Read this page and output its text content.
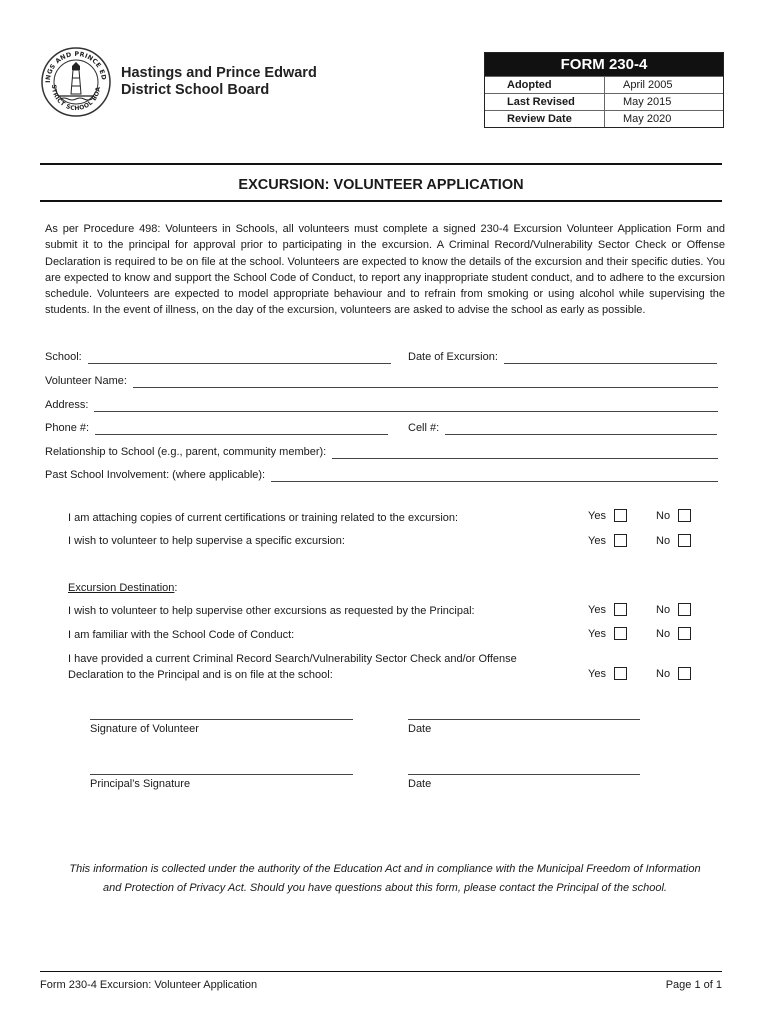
INGS AND PRINCE ED
STRICT SCHOOL BOA
Hastings and Prince Edward
District School Board
FORM 230-4
Adopted	April 2005
Last Revised	May 2015
Review Date	May 2020
EXCURSION: VOLUNTEER APPLICATION
As per Procedure 498: Volunteers in Schools, all volunteers must complete a signed 230-4 Excursion Volunteer Application Form and submit it to the principal for approval prior to participating in the excursion. A Criminal Record/Vulnerability Sector Check or Offense Declaration is required to be on file at the school. Volunteers are expected to know the details of the excursion and their specific duties. You are expected to know and support the School Code of Conduct, to report any inappropriate student conduct, and to adhere to the excursion schedule. Volunteers are expected to model appropriate behaviour and to refrain from smoking or using alcohol while supervising the students. In the event of illness, on the day of the excursion, volunteers are asked to advise the school as early as possible.
School:	Date of Excursion:
Volunteer Name:
Address:
Phone #:	Cell #:
Relationship to School (e.g., parent, community member):
Past School Involvement: (where applicable):
I am attaching copies of current certifications or training related to the excursion:	Yes	No
I wish to volunteer to help supervise a specific excursion:	Yes	No
Excursion Destination:
I wish to volunteer to help supervise other excursions as requested by the Principal:	Yes	No
I am familiar with the School Code of Conduct:	Yes	No
I have provided a current Criminal Record Search/Vulnerability Sector Check and/or Offense
Declaration to the Principal and is on file at the school:	Yes	No
Signature of Volunteer	Date
Principal’s Signature	Date
This information is collected under the authority of the Education Act and in compliance with the Municipal Freedom of Information
and Protection of Privacy Act. Should you have questions about this form, please contact the Principal of the school.
Form 230-4 Excursion: Volunteer Application	Page 1 of 1
